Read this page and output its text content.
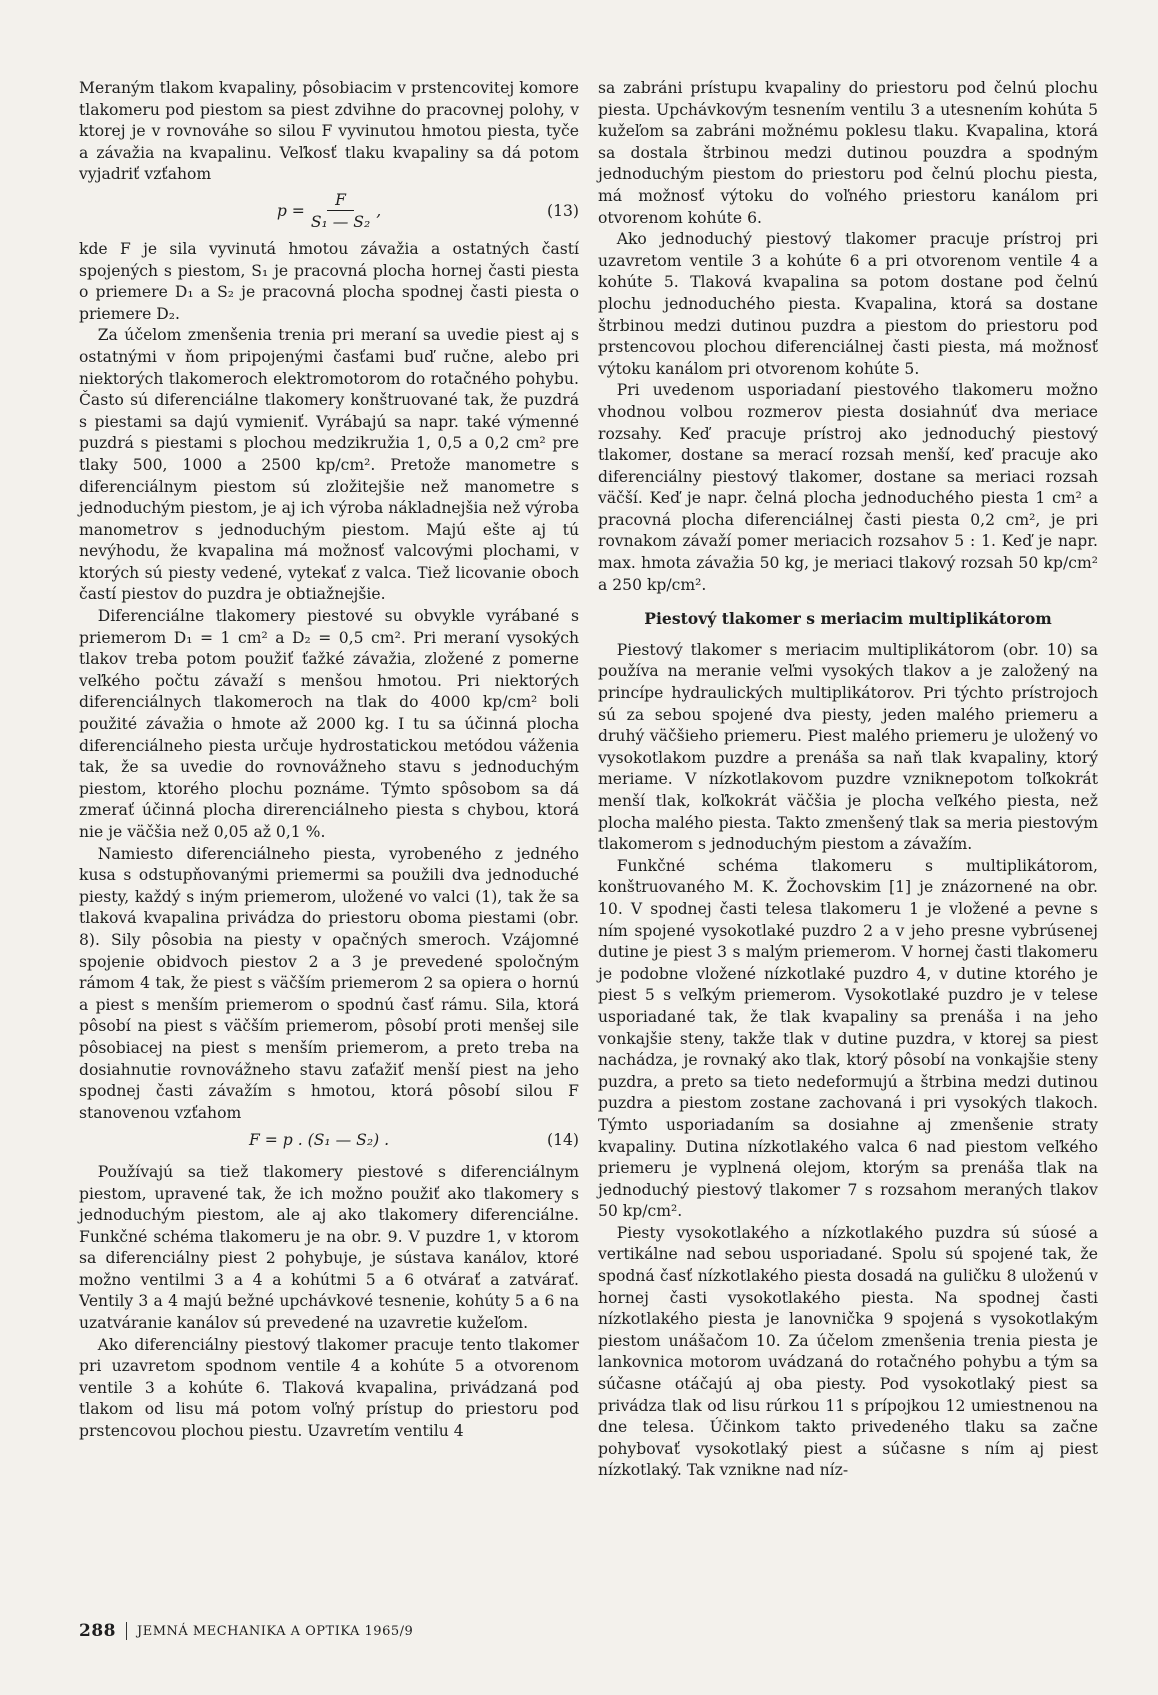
Meraným tlakom kvapaliny, pôsobiacim v prstencovitej komore tlakomeru pod piestom sa piest zdvihne do pracovnej polohy, v ktorej je v rovnováhe so silou F vyvinutou hmotou piesta, tyče a závažia na kvapalinu. Veľkosť tlaku kvapaliny sa dá potom vyjadriť vzťahom

$p = \frac{F}{\text{S₁ — S₂}}$ ,	(13)

kde F je sila vyvinutá hmotou závažia a ostatných častí spojených s piestom, S₁ je pracovná plocha hornej časti piesta o priemere D₁ a S₂ je pracovná plocha spodnej časti piesta o priemere D₂.

Za účelom zmenšenia trenia pri meraní sa uvedie piest aj s ostatnými v ňom pripojenými časťami buď ručne, alebo pri niektorých tlakomeroch elektromotorom do rotačného pohybu. Často sú diferenciálne tlakomery konštruované tak, že puzdrá s piestami sa dajú vymieniť. Vyrábajú sa napr. také výmenné puzdrá s piestami s plochou medzikružia 1, 0,5 a 0,2 cm² pre tlaky 500, 1000 a 2500 kp/cm². Pretože manometre s diferenciálnym piestom sú zložitejšie než manometre s jednoduchým piestom, je aj ich výroba nákladnejšia než výroba manometrov s jednoduchým piestom. Majú ešte aj tú nevýhodu, že kvapalina má možnosť valcovými plochami, v ktorých sú piesty vedené, vytekať z valca. Tiež licovanie oboch častí piestov do puzdra je obtiažnejšie.

Diferenciálne tlakomery piestové su obvykle vyrábané s priemerom D₁ = 1 cm² a D₂ = 0,5 cm². Pri meraní vysokých tlakov treba potom použiť ťažké závažia, zložené z pomerne veľkého počtu závaží s menšou hmotou. Pri niektorých diferenciálnych tlakomeroch na tlak do 4000 kp/cm² boli použité závažia o hmote až 2000 kg. I tu sa účinná plocha diferenciálneho piesta určuje hydrostatickou metódou váženia tak, že sa uvedie do rovnovážneho stavu s jednoduchým piestom, ktorého plochu poznáme. Týmto spôsobom sa dá zmerať účinná plocha direrenciálneho piesta s chybou, ktorá nie je väčšia než 0,05 až 0,1 %.

Namiesto diferenciálneho piesta, vyrobeného z jedného kusa s odstupňovanými priemermi sa použili dva jednoduché piesty, každý s iným priemerom, uložené vo valci (1), tak že sa tlaková kvapalina privádza do priestoru oboma piestami (obr. 8). Sily pôsobia na piesty v opačných smeroch. Vzájomné spojenie obidvoch piestov 2 a 3 je prevedené spoločným rámom 4 tak, že piest s väčším priemerom 2 sa opiera o hornú a piest s menším priemerom o spodnú časť rámu. Sila, ktorá pôsobí na piest s väčším priemerom, pôsobí proti menšej sile pôsobiacej na piest s menším priemerom, a preto treba na dosiahnutie rovnovážneho stavu zaťažiť menší piest na jeho spodnej časti závažím s hmotou, ktorá pôsobí silou F stanovenou vzťahom

F = p . (S₁ — S₂) .	(14)

Používajú sa tiež tlakomery piestové s diferenciálnym piestom, upravené tak, že ich možno použiť ako tlakomery s jednoduchým piestom, ale aj ako tlakomery diferenciálne. Funkčné schéma tlakomeru je na obr. 9. V puzdre 1, v ktorom sa diferenciálny piest 2 pohybuje, je sústava kanálov, ktoré možno ventilmi 3 a 4 a kohútmi 5 a 6 otvárať a zatvárať. Ventily 3 a 4 majú bežné upchávkové tesnenie, kohúty 5 a 6 na uzatváranie kanálov sú prevedené na uzavretie kužeľom.

Ako diferenciálny piestový tlakomer pracuje tento tlakomer pri uzavretom spodnom ventile 4 a kohúte 5 a otvorenom ventile 3 a kohúte 6. Tlaková kvapalina, privádzaná pod tlakom od lisu má potom voľný prístup do priestoru pod prstencovou plochou piestu. Uzavretím ventilu 4

sa zabráni prístupu kvapaliny do priestoru pod čelnú plochu piesta. Upchávkovým tesnením ventilu 3 a utesnením kohúta 5 kužeľom sa zabráni možnému poklesu tlaku. Kvapalina, ktorá sa dostala štrbinou medzi dutinou pouzdra a spodným jednoduchým piestom do priestoru pod čelnú plochu piesta, má možnosť výtoku do voľného priestoru kanálom pri otvorenom kohúte 6.

Ako jednoduchý piestový tlakomer pracuje prístroj pri uzavretom ventile 3 a kohúte 6 a pri otvorenom ventile 4 a kohúte 5. Tlaková kvapalina sa potom dostane pod čelnú plochu jednoduchého piesta. Kvapalina, ktorá sa dostane štrbinou medzi dutinou puzdra a piestom do priestoru pod prstencovou plochou diferenciálnej časti piesta, má možnosť výtoku kanálom pri otvorenom kohúte 5.

Pri uvedenom usporiadaní piestového tlakomeru možno vhodnou volbou rozmerov piesta dosiahnúť dva meriace rozsahy. Keď pracuje prístroj ako jednoduchý piestový tlakomer, dostane sa merací rozsah menší, keď pracuje ako diferenciálny piestový tlakomer, dostane sa meriaci rozsah väčší. Keď je napr. čelná plocha jednoduchého piesta 1 cm² a pracovná plocha diferenciálnej časti piesta 0,2 cm², je pri rovnakom závaží pomer meriacich rozsahov 5 : 1. Keď je napr. max. hmota závažia 50 kg, je meriaci tlakový rozsah 50 kp/cm² a 250 kp/cm².

Piestový tlakomer s meriacim multiplikátorom

Piestový tlakomer s meriacim multiplikátorom (obr. 10) sa používa na meranie veľmi vysokých tlakov a je založený na princípe hydraulických multiplikátorov. Pri týchto prístrojoch sú za sebou spojené dva piesty, jeden malého priemeru a druhý väčšieho priemeru. Piest malého priemeru je uložený vo vysokotlakom puzdre a prenáša sa naň tlak kvapaliny, ktorý meriame. V nízkotlakovom puzdre vzniknepotom toľkokrát menší tlak, koľkokrát väčšia je plocha veľkého piesta, než plocha malého piesta. Takto zmenšený tlak sa meria piestovým tlakomerom s jednoduchým piestom a závažím.

Funkčné schéma tlakomeru s multiplikátorom, konštruovaného M. K. Žochovskim [1] je znázornené na obr. 10. V spodnej časti telesa tlakomeru 1 je vložené a pevne s ním spojené vysokotlaké puzdro 2 a v jeho presne vybrúsenej dutine je piest 3 s malým priemerom. V hornej časti tlakomeru je podobne vložené nízkotlaké puzdro 4, v dutine ktorého je piest 5 s veľkým priemerom. Vysokotlaké puzdro je v telese usporiadané tak, že tlak kvapaliny sa prenáša i na jeho vonkajšie steny, takže tlak v dutine puzdra, v ktorej sa piest nachádza, je rovnaký ako tlak, ktorý pôsobí na vonkajšie steny puzdra, a preto sa tieto nedeformujú a štrbina medzi dutinou puzdra a piestom zostane zachovaná i pri vysokých tlakoch. Týmto usporiadaním sa dosiahne aj zmenšenie straty kvapaliny. Dutina nízkotlakého valca 6 nad piestom veľkého priemeru je vyplnená olejom, ktorým sa prenáša tlak na jednoduchý piestový tlakomer 7 s rozsahom meraných tlakov 50 kp/cm².

Piesty vysokotlakého a nízkotlakého puzdra sú súosé a vertikálne nad sebou usporiadané. Spolu sú spojené tak, že spodná časť nízkotlakého piesta dosadá na guličku 8 uloženú v hornej časti vysokotlakého piesta. Na spodnej časti nízkotlakého piesta je lanovnička 9 spojená s vysokotlakým piestom unášačom 10. Za účelom zmenšenia trenia piesta je lankovnica motorom uvádzaná do rotačného pohybu a tým sa súčasne otáčajú aj oba piesty. Pod vysokotlaký piest sa privádza tlak od lisu rúrkou 11 s prípojkou 12 umiestnenou na dne telesa. Účinkom takto privedeného tlaku sa začne pohybovať vysokotlaký piest a súčasne s ním aj piest nízkotlaký. Tak vznikne nad níz-

288 JEMNÁ MECHANIKA A OPTIKA 1965/9
